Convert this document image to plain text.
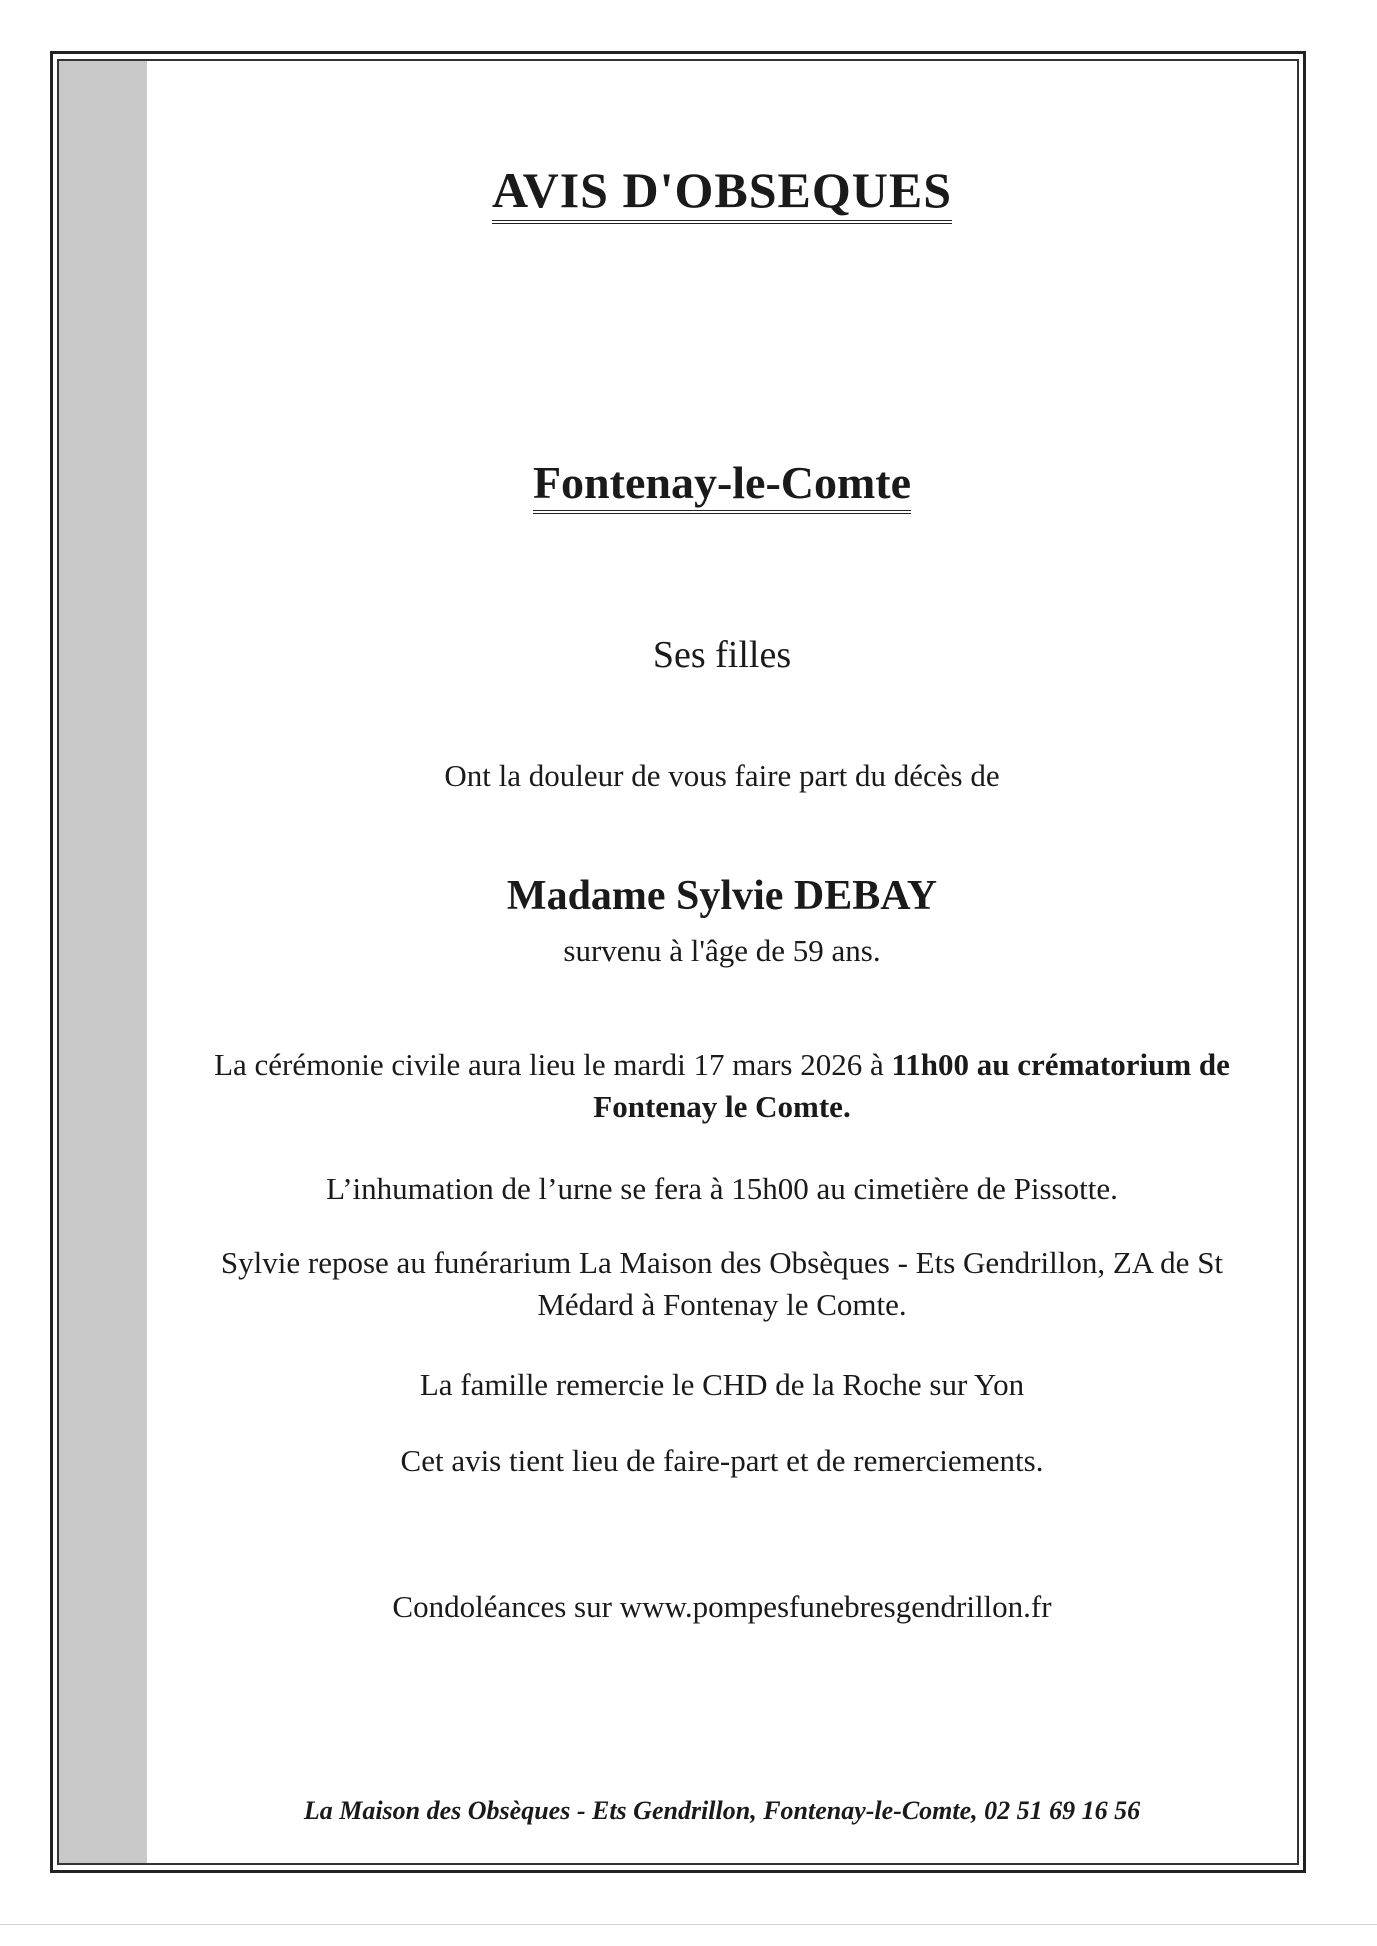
AVIS D'OBSEQUES
Fontenay-le-Comte
Ses filles
Ont la douleur de vous faire part du décès de
Madame Sylvie DEBAY
survenu à l'âge de 59 ans.
La cérémonie civile aura lieu le mardi 17 mars 2026 à 11h00 au crématorium de
Fontenay le Comte.
L’inhumation de l’urne se fera à 15h00 au cimetière de Pissotte.
Sylvie repose au funérarium La Maison des Obsèques - Ets Gendrillon, ZA de St
Médard à Fontenay le Comte.
La famille remercie le CHD de la Roche sur Yon
Cet avis tient lieu de faire-part et de remerciements.
Condoléances sur www.pompesfunebresgendrillon.fr
La Maison des Obsèques - Ets Gendrillon, Fontenay-le-Comte, 02 51 69 16 56
